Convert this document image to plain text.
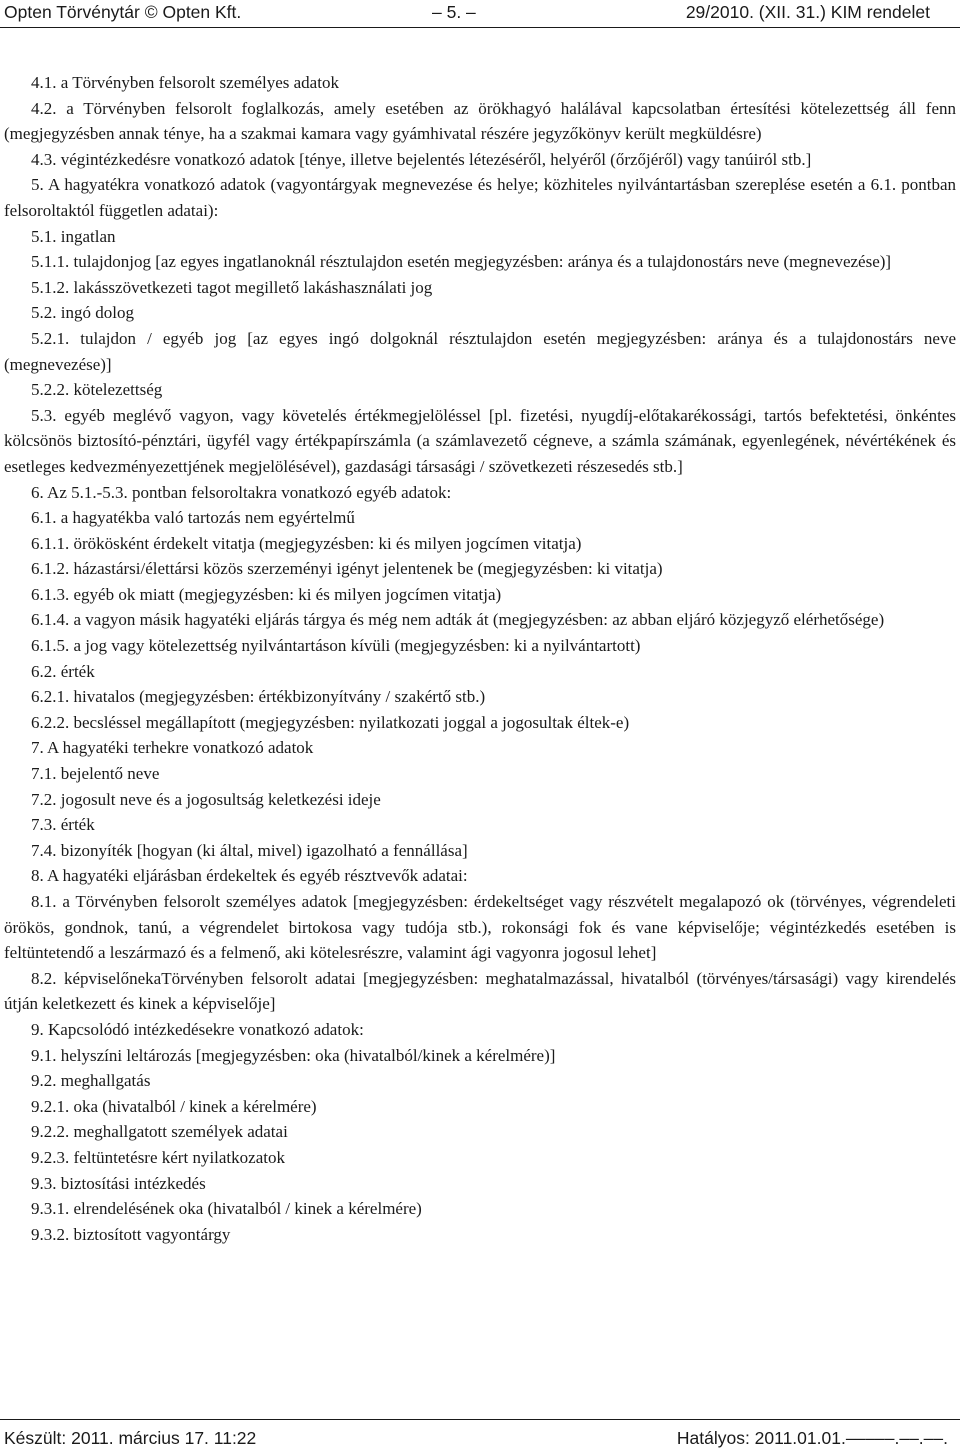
Opten Törvénytár © Opten Kft.	– 5. –	29/2010. (XII. 31.) KIM rendelet

4.1. a Törvényben felsorolt személyes adatok

4.2. a Törvényben felsorolt foglalkozás, amely esetében az örökhagyó halálával kapcsolatban értesítési kötelezettség áll fenn (megjegyzésben annak ténye, ha a szakmai kamara vagy gyámhivatal részére jegyzőkönyv került megküldésre)

4.3. végintézkedésre vonatkozó adatok [ténye, illetve bejelentés létezéséről, helyéről (őrzőjéről) vagy tanúiról stb.]

5. A hagyatékra vonatkozó adatok (vagyontárgyak megnevezése és helye; közhiteles nyilvántartásban szereplése esetén a 6.1. pontban felsoroltaktól független adatai):

5.1. ingatlan

5.1.1. tulajdonjog [az egyes ingatlanoknál résztulajdon esetén megjegyzésben: aránya és a tulajdonostárs neve (megnevezése)]

5.1.2. lakásszövetkezeti tagot megillető lakáshasználati jog

5.2. ingó dolog

5.2.1. tulajdon / egyéb jog [az egyes ingó dolgoknál résztulajdon esetén megjegyzésben: aránya és a tulajdonostárs neve (megnevezése)]

5.2.2. kötelezettség

5.3. egyéb meglévő vagyon, vagy követelés értékmegjelöléssel [pl. fizetési, nyugdíj-előtakarékossági, tartós befektetési, önkéntes kölcsönös biztosító-pénztári, ügyfél vagy értékpapírszámla (a számlavezető cégneve, a számla számának, egyenlegének, névértékének és esetleges kedvezményezettjének megjelölésével), gazdasági társasági / szövetkezeti részesedés stb.]

6. Az 5.1.-5.3. pontban felsoroltakra vonatkozó egyéb adatok:

6.1. a hagyatékba való tartozás nem egyértelmű

6.1.1. örökösként érdekelt vitatja (megjegyzésben: ki és milyen jogcímen vitatja)

6.1.2. házastársi/élettársi közös szerzeményi igényt jelentenek be (megjegyzésben: ki vitatja)

6.1.3. egyéb ok miatt (megjegyzésben: ki és milyen jogcímen vitatja)

6.1.4. a vagyon másik hagyatéki eljárás tárgya és még nem adták át (megjegyzésben: az abban eljáró közjegyző elérhetősége)

6.1.5. a jog vagy kötelezettség nyilvántartáson kívüli (megjegyzésben: ki a nyilvántartott)

6.2. érték

6.2.1. hivatalos (megjegyzésben: értékbizonyítvány / szakértő stb.)

6.2.2. becsléssel megállapított (megjegyzésben: nyilatkozati joggal a jogosultak éltek-e)

7. A hagyatéki terhekre vonatkozó adatok

7.1. bejelentő neve

7.2. jogosult neve és a jogosultság keletkezési ideje

7.3. érték

7.4. bizonyíték [hogyan (ki által, mivel) igazolható a fennállása]

8. A hagyatéki eljárásban érdekeltek és egyéb résztvevők adatai:

8.1. a Törvényben felsorolt személyes adatok [megjegyzésben: érdekeltséget vagy részvételt megalapozó ok (törvényes, végrendeleti örökös, gondnok, tanú, a végrendelet birtokosa vagy tudója stb.), rokonsági fok és vane képviselője; végintézkedés esetében is feltüntetendő a leszármazó és a felmenő, aki kötelesrészre, valamint ági vagyonra jogosul lehet]

8.2. képviselőnekaTörvényben felsorolt adatai [megjegyzésben: meghatalmazással, hivatalból (törvényes/társasági) vagy kirendelés útján keletkezett és kinek a képviselője]

9. Kapcsolódó intézkedésekre vonatkozó adatok:

9.1. helyszíni leltározás [megjegyzésben: oka (hivatalból/kinek a kérelmére)]

9.2. meghallgatás

9.2.1. oka (hivatalból / kinek a kérelmére)

9.2.2. meghallgatott személyek adatai

9.2.3. feltüntetésre kért nyilatkozatok

9.3. biztosítási intézkedés

9.3.1. elrendelésének oka (hivatalból / kinek a kérelmére)

9.3.2. biztosított vagyontárgy

Készült: 2011. március 17. 11:22	Hatályos: 2011.01.01.–––––.––.––.
